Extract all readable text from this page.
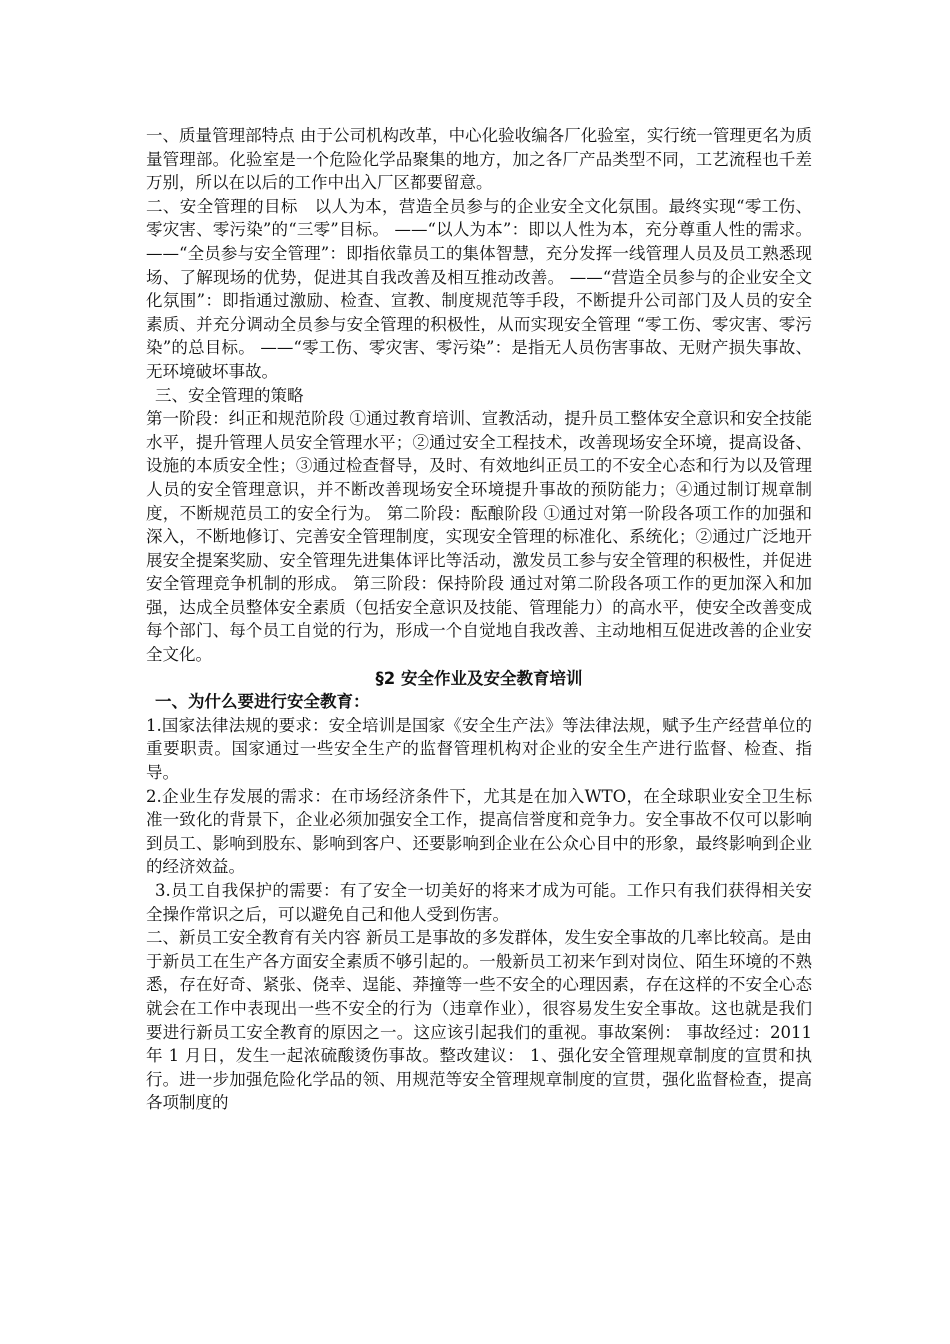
一、质量管理部特点 由于公司机构改革，中心化验收编各厂化验室，实行统一管理更名为质量管理部。化验室是一个危险化学品聚集的地方，加之各厂产品类型不同，工艺流程也千差万别，所以在以后的工作中出入厂区都要留意。

二、安全管理的目标　以人为本，营造全员参与的企业安全文化氛围。最终实现“零工伤、零灾害、零污染”的“三零”目标。 ——“以人为本”：即以人性为本，充分尊重人性的需求。 ——“全员参与安全管理”：即指依靠员工的集体智慧，充分发挥一线管理人员及员工熟悉现场、了解现场的优势，促进其自我改善及相互推动改善。 ——“营造全员参与的企业安全文化氛围”：即指通过激励、检查、宣教、制度规范等手段，不断提升公司部门及人员的安全素质、并充分调动全员参与安全管理的积极性，从而实现安全管理 “零工伤、零灾害、零污染”的总目标。 ——“零工伤、零灾害、零污染”：是指无人员伤害事故、无财产损失事故、无环境破坏事故。

三、安全管理的策略

第一阶段：纠正和规范阶段 ①通过教育培训、宣教活动，提升员工整体安全意识和安全技能水平，提升管理人员安全管理水平；②通过安全工程技术，改善现场安全环境，提高设备、设施的本质安全性；③通过检查督导，及时、有效地纠正员工的不安全心态和行为以及管理人员的安全管理意识，并不断改善现场安全环境提升事故的预防能力；④通过制订规章制度，不断规范员工的安全行为。 第二阶段：酝酿阶段 ①通过对第一阶段各项工作的加强和深入，不断地修订、完善安全管理制度，实现安全管理的标准化、系统化；②通过广泛地开展安全提案奖励、安全管理先进集体评比等活动，激发员工参与安全管理的积极性，并促进安全管理竞争机制的形成。 第三阶段：保持阶段 通过对第二阶段各项工作的更加深入和加强，达成全员整体安全素质（包括安全意识及技能、管理能力）的高水平，使安全改善变成每个部门、每个员工自觉的行为，形成一个自觉地自我改善、主动地相互促进改善的企业安全文化。

§2 安全作业及安全教育培训

一、为什么要进行安全教育：

1.国家法律法规的要求：安全培训是国家《安全生产法》等法律法规，赋予生产经营单位的重要职责。国家通过一些安全生产的监督管理机构对企业的安全生产进行监督、检查、指导。

2.企业生存发展的需求：在市场经济条件下，尤其是在加入WTO，在全球职业安全卫生标准一致化的背景下，企业必须加强安全工作，提高信誉度和竞争力。安全事故不仅可以影响到员工、影响到股东、影响到客户、还要影响到企业在公众心目中的形象，最终影响到企业的经济效益。

3.员工自我保护的需要：有了安全一切美好的将来才成为可能。工作只有我们获得相关安全操作常识之后，可以避免自己和他人受到伤害。

二、新员工安全教育有关内容 新员工是事故的多发群体，发生安全事故的几率比较高。是由于新员工在生产各方面安全素质不够引起的。一般新员工初来乍到对岗位、陌生环境的不熟悉，存在好奇、紧张、侥幸、逞能、莽撞等一些不安全的心理因素，存在这样的不安全心态就会在工作中表现出一些不安全的行为（违章作业），很容易发生安全事故。这也就是我们要进行新员工安全教育的原因之一。这应该引起我们的重视。事故案例： 事故经过：2011 年 1 月日，发生一起浓硫酸烫伤事故。整改建议： 1、强化安全管理规章制度的宣贯和执行。进一步加强危险化学品的领、用规范等安全管理规章制度的宣贯，强化监督检查，提高各项制度的
